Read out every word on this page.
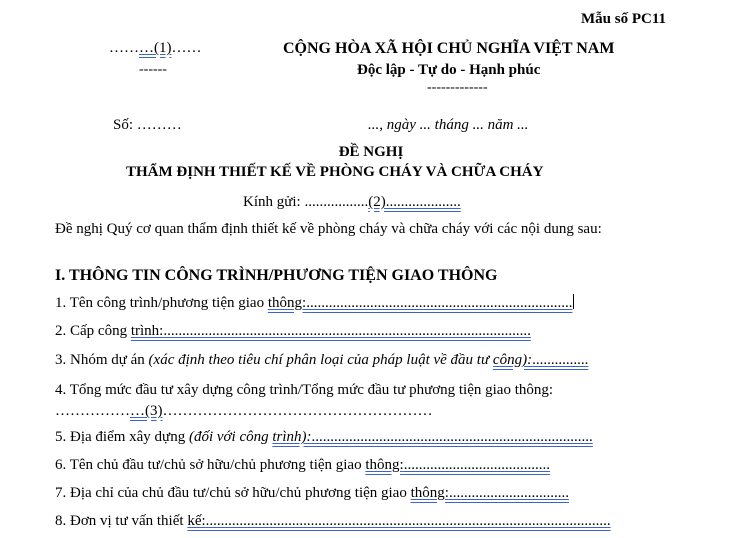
Mẫu số PC11
………(1)……
------
CỘNG HÒA XÃ HỘI CHỦ NGHĨA VIỆT NAM
Độc lập - Tự do - Hạnh phúc
-------------
Số: ………	..., ngày ... tháng ... năm ...
ĐỀ NGHỊ
THẨM ĐỊNH THIẾT KẾ VỀ PHÒNG CHÁY VÀ CHỮA CHÁY
Kính gửi: .................(2)....................
Đề nghị Quý cơ quan thẩm định thiết kế về phòng cháy và chữa cháy với các nội dung sau:
I. THÔNG TIN CÔNG TRÌNH/PHƯƠNG TIỆN GIAO THÔNG
1. Tên công trình/phương tiện giao thông:.......................................................................
2. Cấp công trình:..................................................................................................
3. Nhóm dự án (xác định theo tiêu chí phân loại của pháp luật về đầu tư công):...............
4. Tổng mức đầu tư xây dựng công trình/Tổng mức đầu tư phương tiện giao thông:
………………(3)………………………………………………
5. Địa điểm xây dựng (đối với công trình):...........................................................................
6. Tên chủ đầu tư/chủ sở hữu/chủ phương tiện giao thông:.......................................
7. Địa chỉ của chủ đầu tư/chủ sở hữu/chủ phương tiện giao thông:................................
8. Đơn vị tư vấn thiết kế:............................................................................................................
